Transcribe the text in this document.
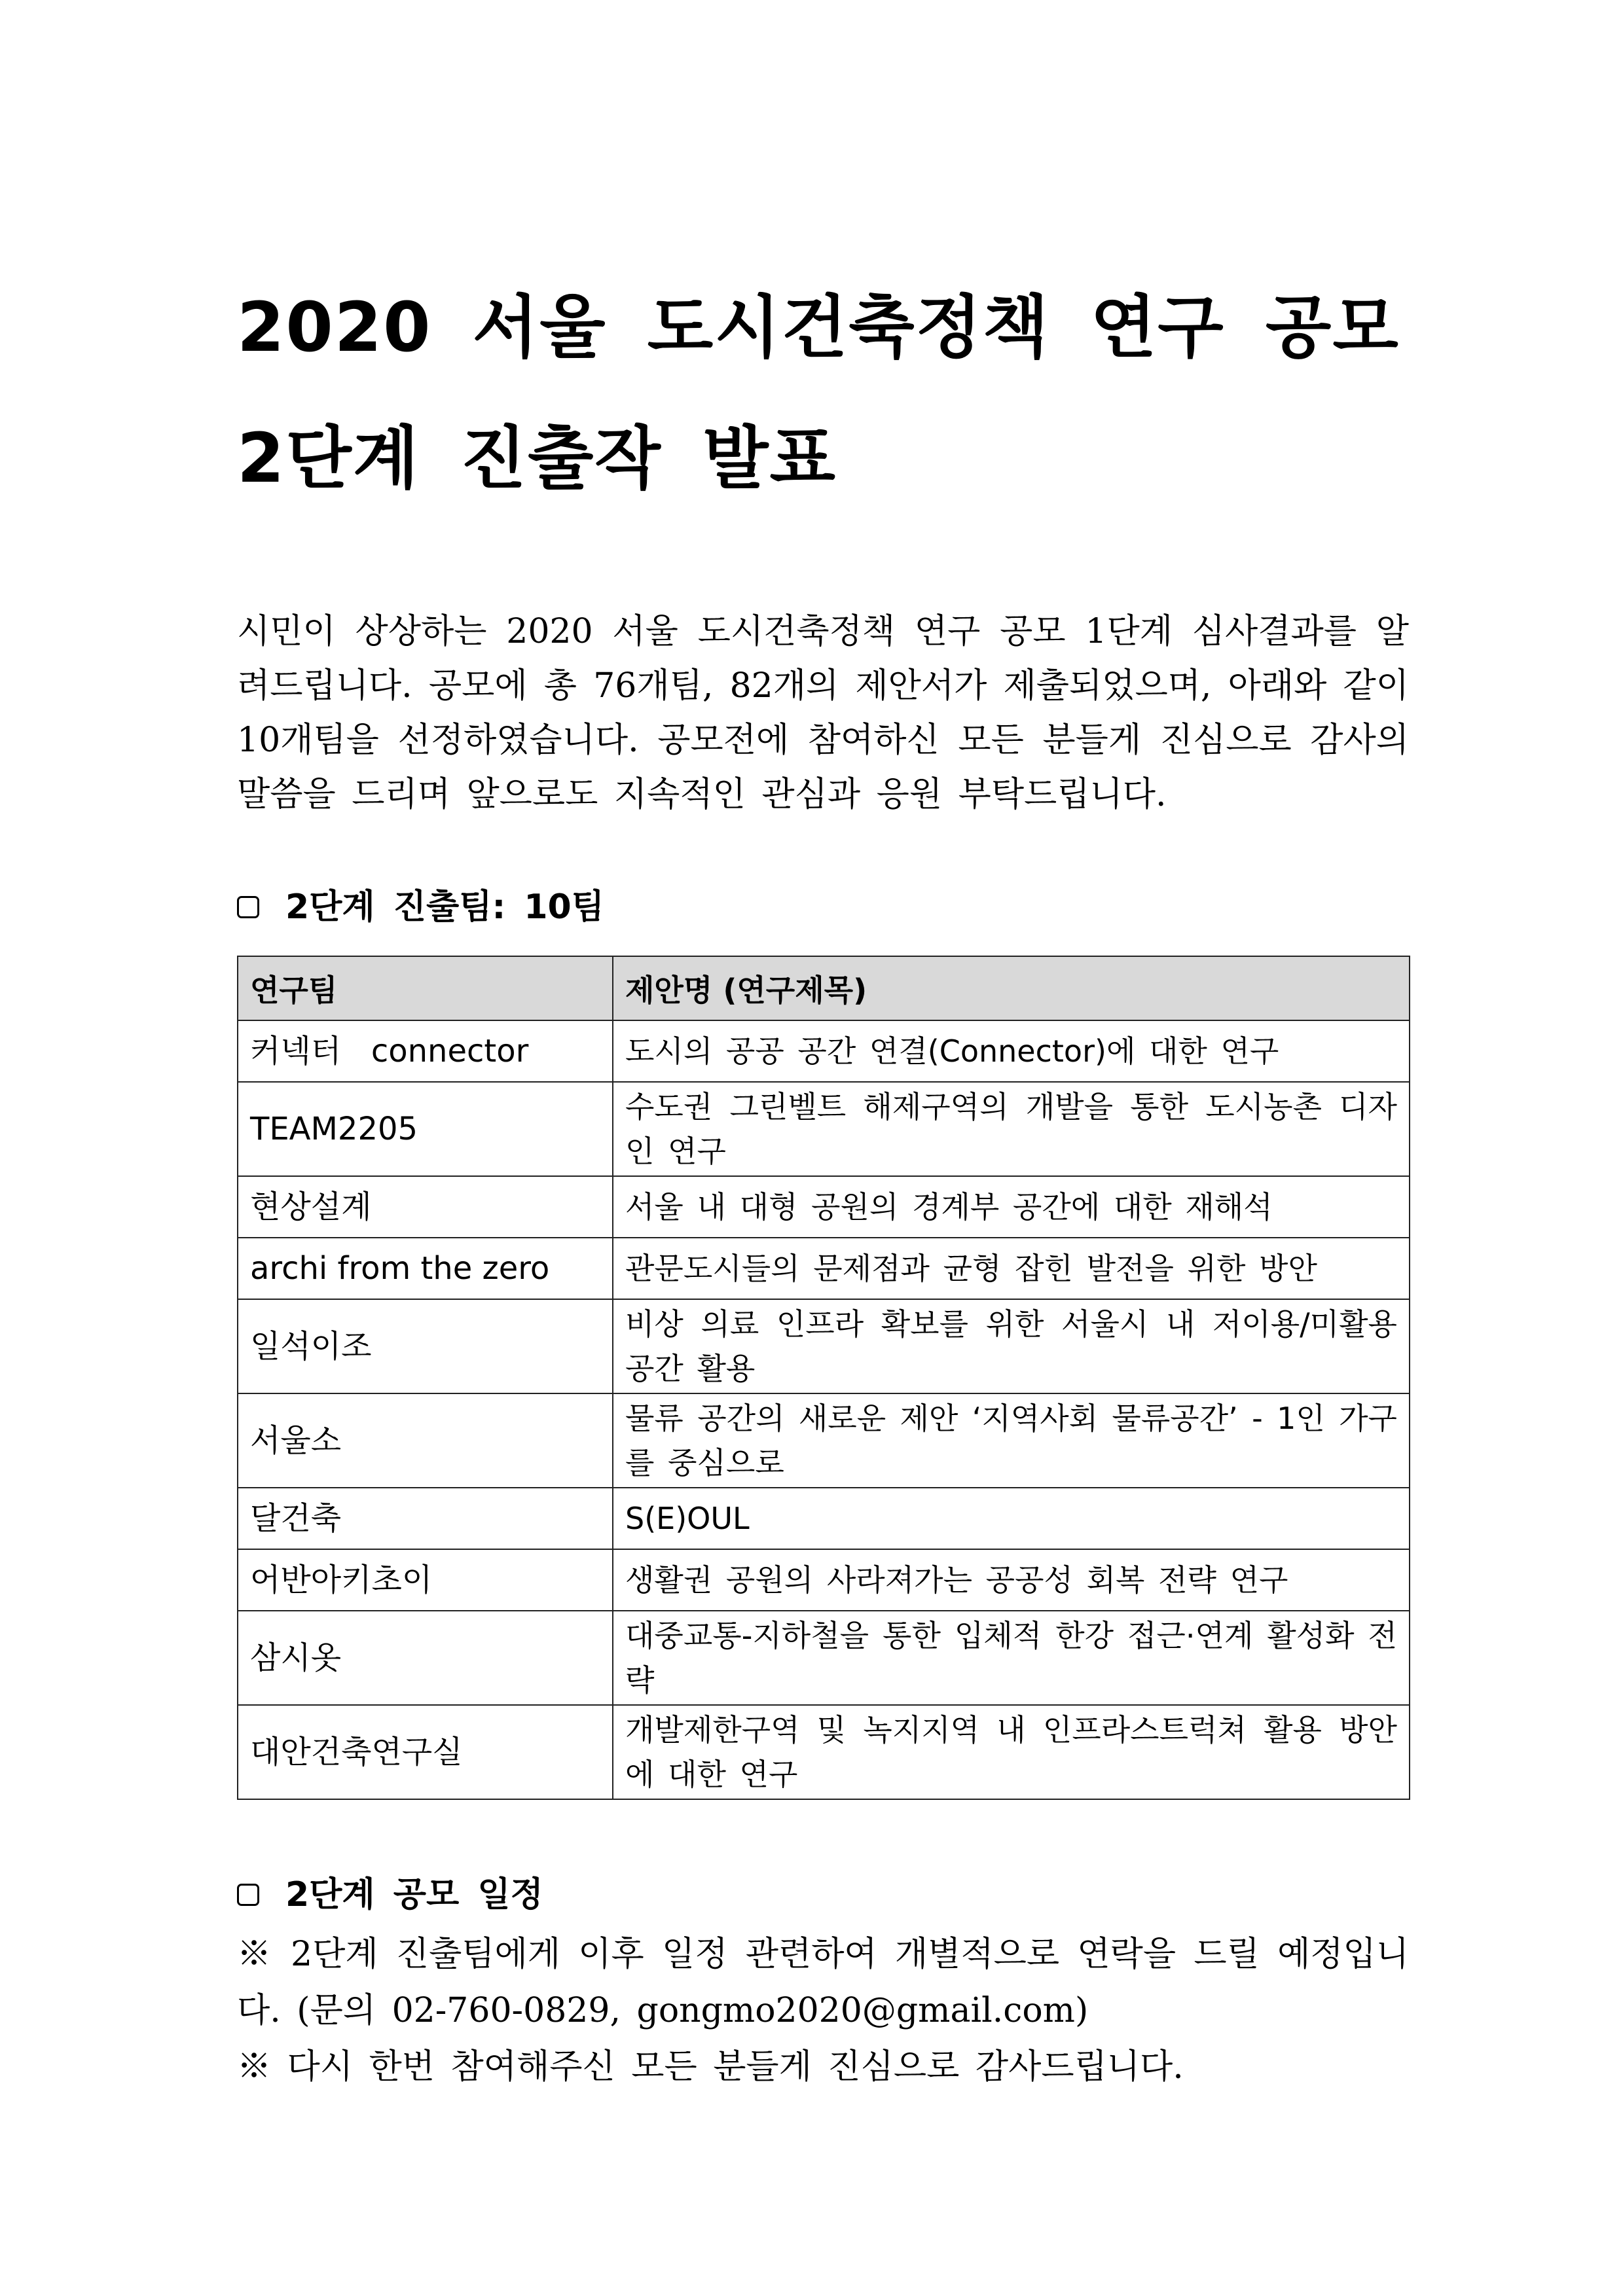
2020 서울 도시건축정책 연구 공모
2단계 진출작 발표

시민이 상상하는 2020 서울 도시건축정책 연구 공모 1단계 심사결과를 알려드립니다. 공모에 총 76개팀, 82개의 제안서가 제출되었으며, 아래와 같이 10개팀을 선정하였습니다. 공모전에 참여하신 모든 분들게 진심으로 감사의 말씀을 드리며 앞으로도 지속적인 관심과 응원 부탁드립니다.

2단계 진출팀: 10팀
연구팀	제안명 (연구제목)
커넥터   connector	도시의 공공 공간 연결(Connector)에 대한 연구
TEAM2205	수도권 그린벨트 해제구역의 개발을 통한 도시농촌 디자인 연구
현상설계	서울 내 대형 공원의 경계부 공간에 대한 재해석
archi from the zero	관문도시들의 문제점과 균형 잡힌 발전을 위한 방안
일석이조	비상 의료 인프라 확보를 위한 서울시 내 저이용/미활용 공간 활용
서울소	물류 공간의 새로운 제안 ‘지역사회 물류공간’ - 1인 가구를 중심으로
달건축	S(E)OUL
어반아키초이	생활권 공원의 사라져가는 공공성 회복 전략 연구
삼시옷	대중교통-지하철을 통한 입체적 한강 접근·연계 활성화 전략
대안건축연구실	개발제한구역 및 녹지지역 내 인프라스트럭쳐 활용 방안에 대한 연구
2단계 공모 일정

※ 2단계 진출팀에게 이후 일정 관련하여 개별적으로 연락을 드릴 예정입니다. (문의 02-760-0829, gongmo2020@gmail.com)

※ 다시 한번 참여해주신 모든 분들게 진심으로 감사드립니다.
